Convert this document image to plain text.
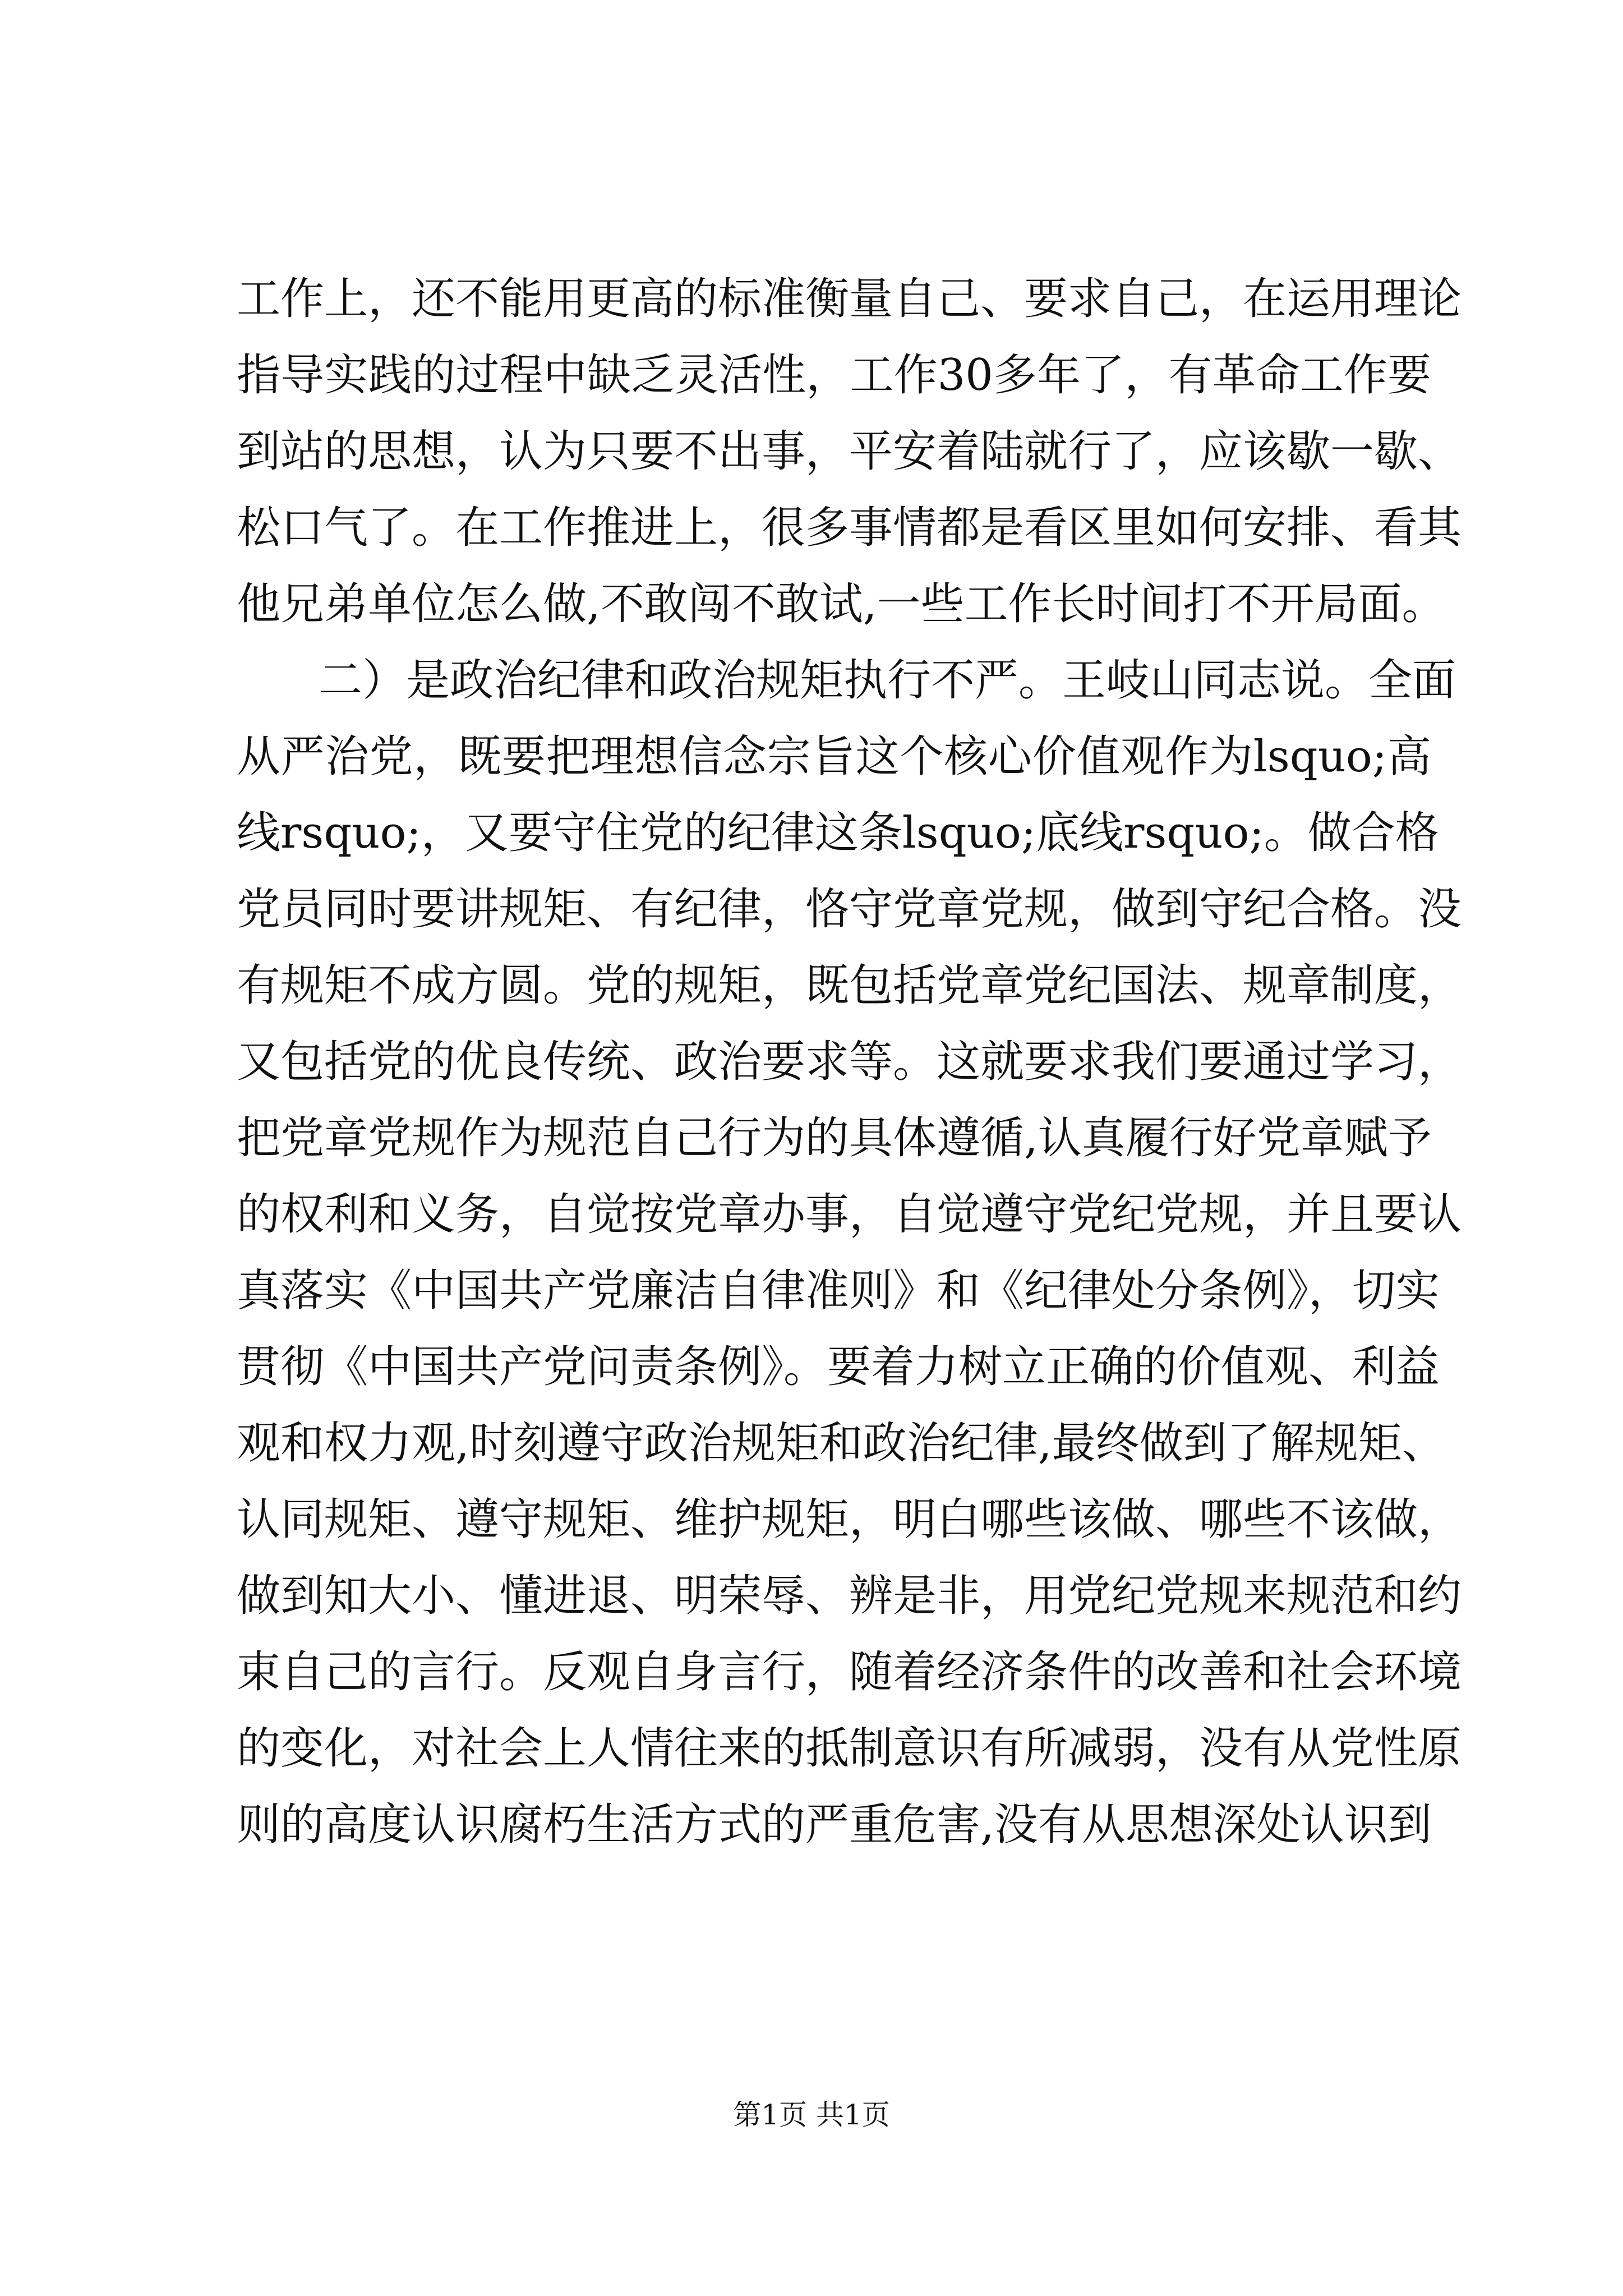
工作上，还不能用更高的标准衡量自己、要求自己，在运用理论
指导实践的过程中缺乏灵活性，工作30多年了，有革命工作要
到站的思想，认为只要不出事，平安着陆就行了，应该歇一歇、
松口气了。在工作推进上，很多事情都是看区里如何安排、看其
他兄弟单位怎么做,不敢闯不敢试,一些工作长时间打不开局面。
二）是政治纪律和政治规矩执行不严。王岐山同志说。全面
从严治党，既要把理想信念宗旨这个核心价值观作为lsquo;高
线rsquo;，又要守住党的纪律这条lsquo;底线rsquo;。做合格
党员同时要讲规矩、有纪律，恪守党章党规，做到守纪合格。没
有规矩不成方圆。党的规矩，既包括党章党纪国法、规章制度，
又包括党的优良传统、政治要求等。这就要求我们要通过学习，
把党章党规作为规范自己行为的具体遵循,认真履行好党章赋予
的权利和义务，自觉按党章办事，自觉遵守党纪党规，并且要认
真落实《中国共产党廉洁自律准则》和《纪律处分条例》，切实
贯彻《中国共产党问责条例》。要着力树立正确的价值观、利益
观和权力观,时刻遵守政治规矩和政治纪律,最终做到了解规矩、
认同规矩、遵守规矩、维护规矩，明白哪些该做、哪些不该做，
做到知大小、懂进退、明荣辱、辨是非，用党纪党规来规范和约
束自己的言行。反观自身言行，随着经济条件的改善和社会环境
的变化，对社会上人情往来的抵制意识有所减弱，没有从党性原
则的高度认识腐朽生活方式的严重危害,没有从思想深处认识到
第1页 共1页
